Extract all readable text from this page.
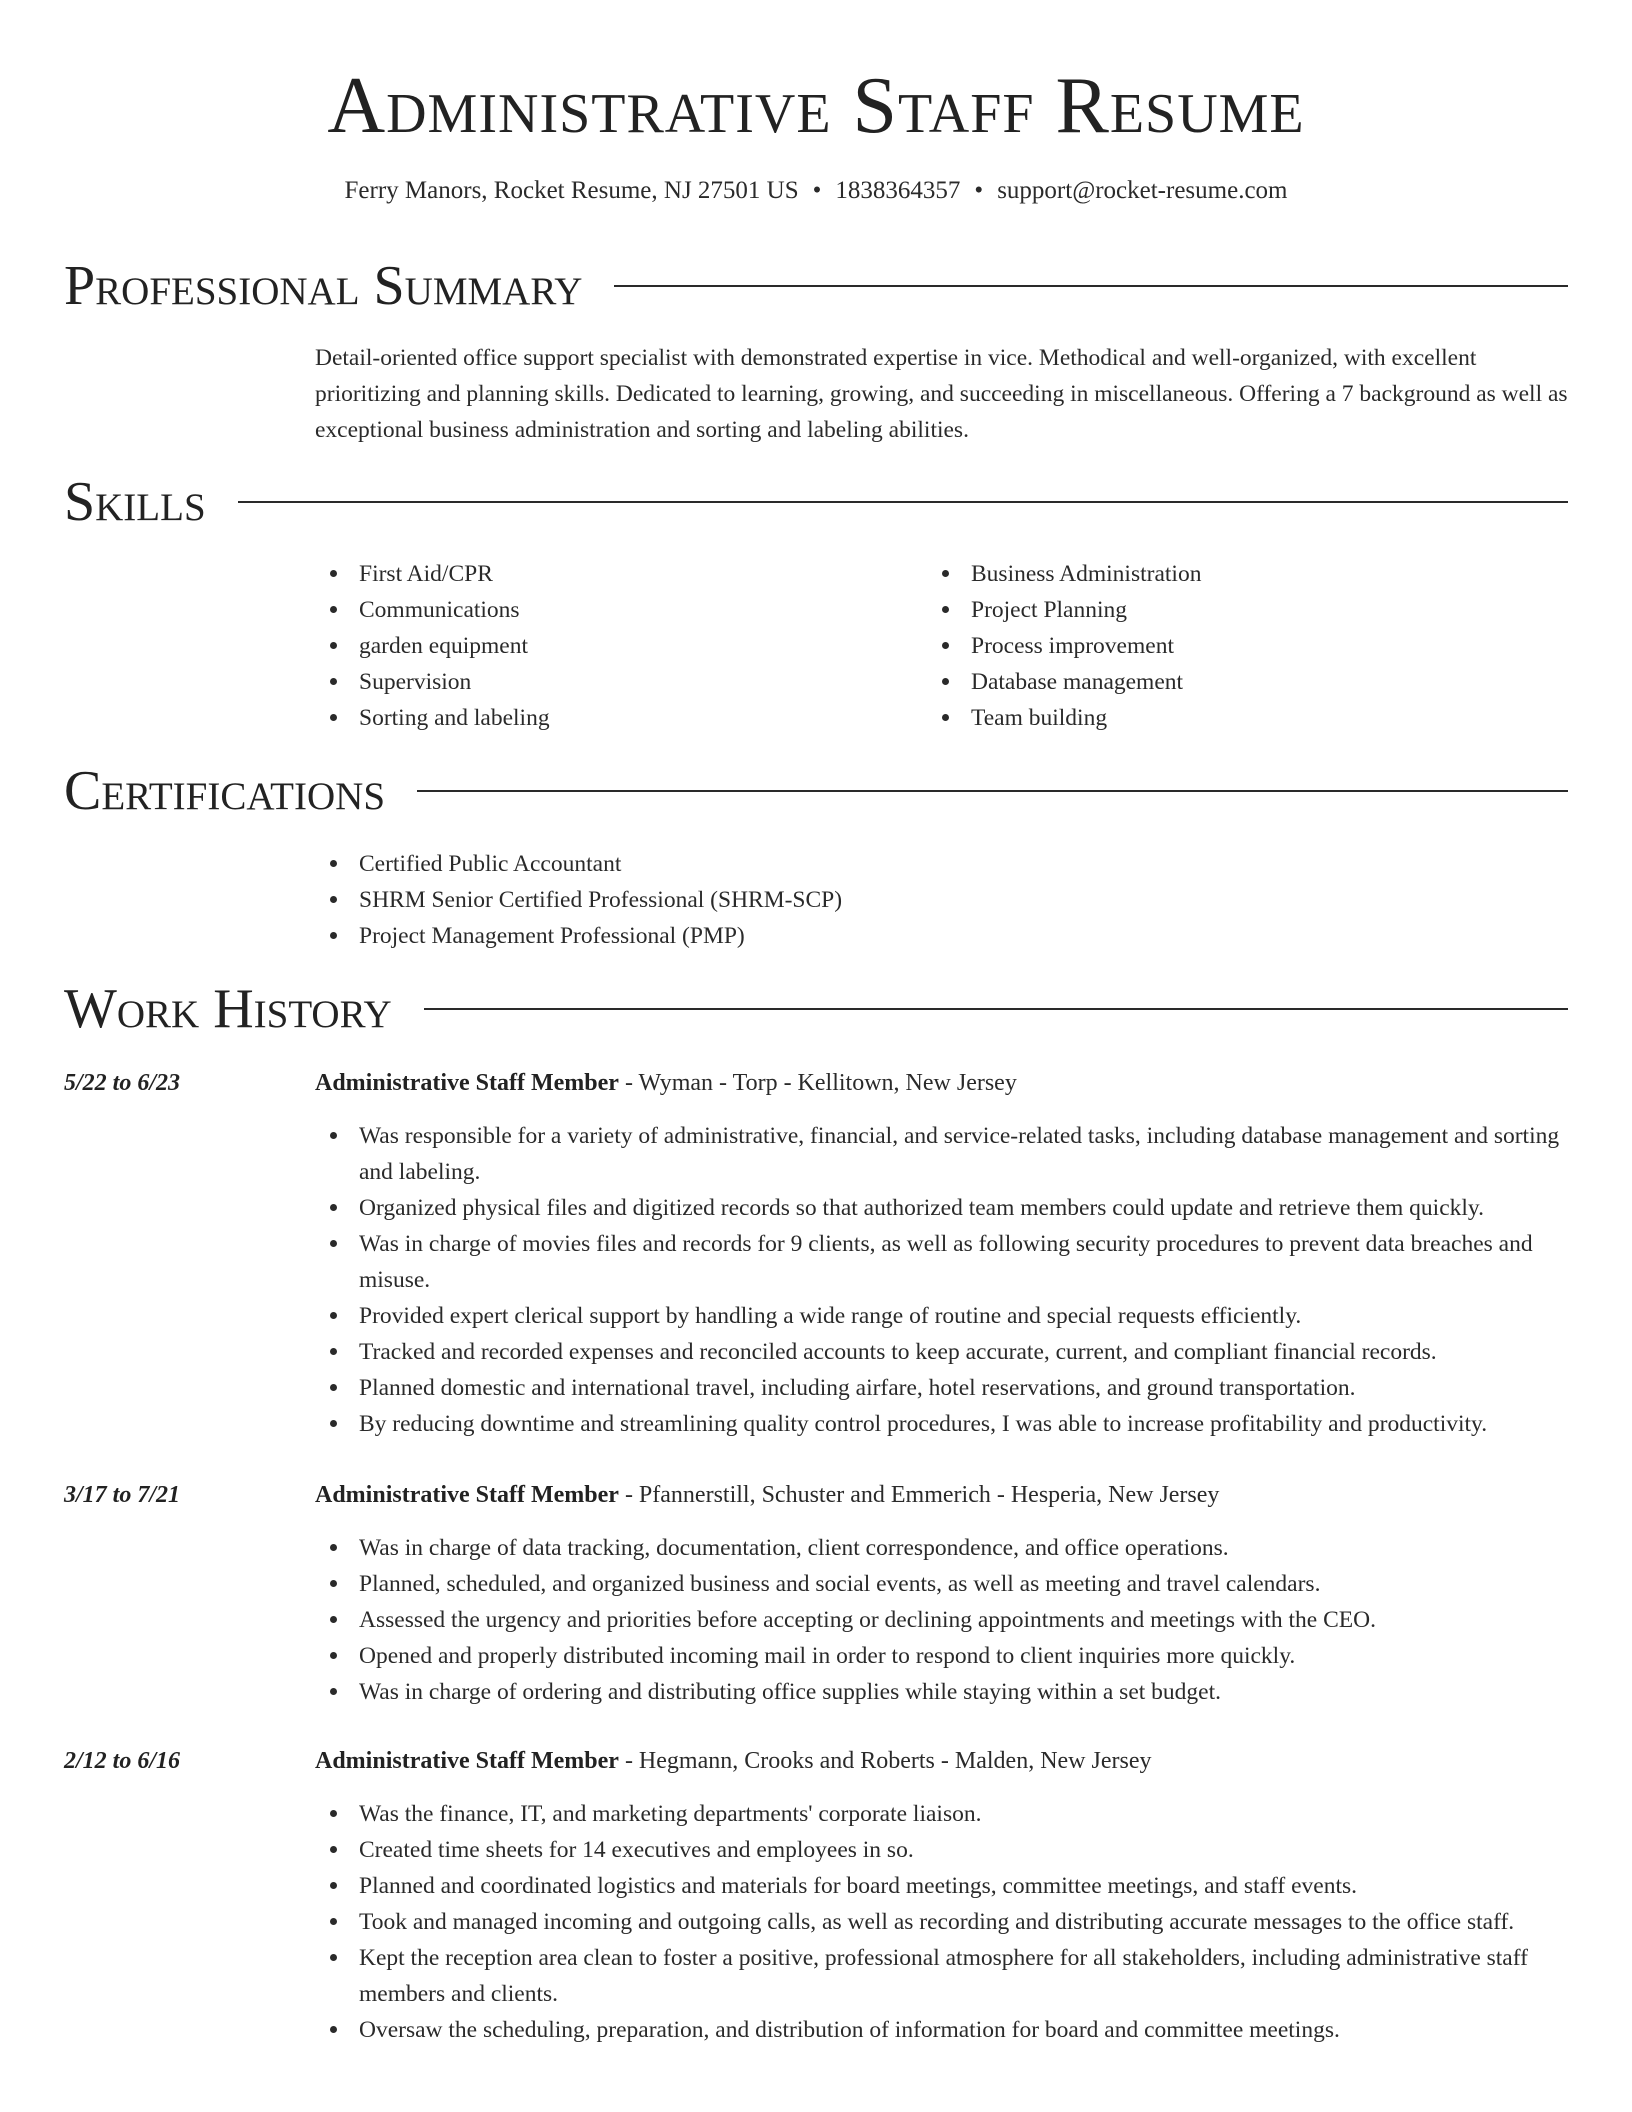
Administrative Staff Resume
Ferry Manors, Rocket Resume, NJ 27501 US • 1838364357 • support@rocket-resume.com
Professional Summary

Detail-oriented office support specialist with demonstrated expertise in vice. Methodical and well-organized, with excellent prioritizing and planning skills. Dedicated to learning, growing, and succeeding in miscellaneous. Offering a 7 background as well as exceptional business administration and sorting and labeling abilities.

Skills
First Aid/CPR
Communications
garden equipment
Supervision
Sorting and labeling
Business Administration
Project Planning
Process improvement
Database management
Team building
Certifications
Certified Public Accountant
SHRM Senior Certified Professional (SHRM-SCP)
Project Management Professional (PMP)
Work History
5/22 to 6/23	Administrative Staff Member - Wyman - Torp - Kellitown, New Jersey
Was responsible for a variety of administrative, financial, and service-related tasks, including database management and sorting and labeling.
Organized physical files and digitized records so that authorized team members could update and retrieve them quickly.
Was in charge of movies files and records for 9 clients, as well as following security procedures to prevent data breaches and misuse.
Provided expert clerical support by handling a wide range of routine and special requests efficiently.
Tracked and recorded expenses and reconciled accounts to keep accurate, current, and compliant financial records.
Planned domestic and international travel, including airfare, hotel reservations, and ground transportation.
By reducing downtime and streamlining quality control procedures, I was able to increase profitability and productivity.
3/17 to 7/21	Administrative Staff Member - Pfannerstill, Schuster and Emmerich - Hesperia, New Jersey
Was in charge of data tracking, documentation, client correspondence, and office operations.
Planned, scheduled, and organized business and social events, as well as meeting and travel calendars.
Assessed the urgency and priorities before accepting or declining appointments and meetings with the CEO.
Opened and properly distributed incoming mail in order to respond to client inquiries more quickly.
Was in charge of ordering and distributing office supplies while staying within a set budget.
2/12 to 6/16	Administrative Staff Member - Hegmann, Crooks and Roberts - Malden, New Jersey
Was the finance, IT, and marketing departments' corporate liaison.
Created time sheets for 14 executives and employees in so.
Planned and coordinated logistics and materials for board meetings, committee meetings, and staff events.
Took and managed incoming and outgoing calls, as well as recording and distributing accurate messages to the office staff.
Kept the reception area clean to foster a positive, professional atmosphere for all stakeholders, including administrative staff members and clients.
Oversaw the scheduling, preparation, and distribution of information for board and committee meetings.
